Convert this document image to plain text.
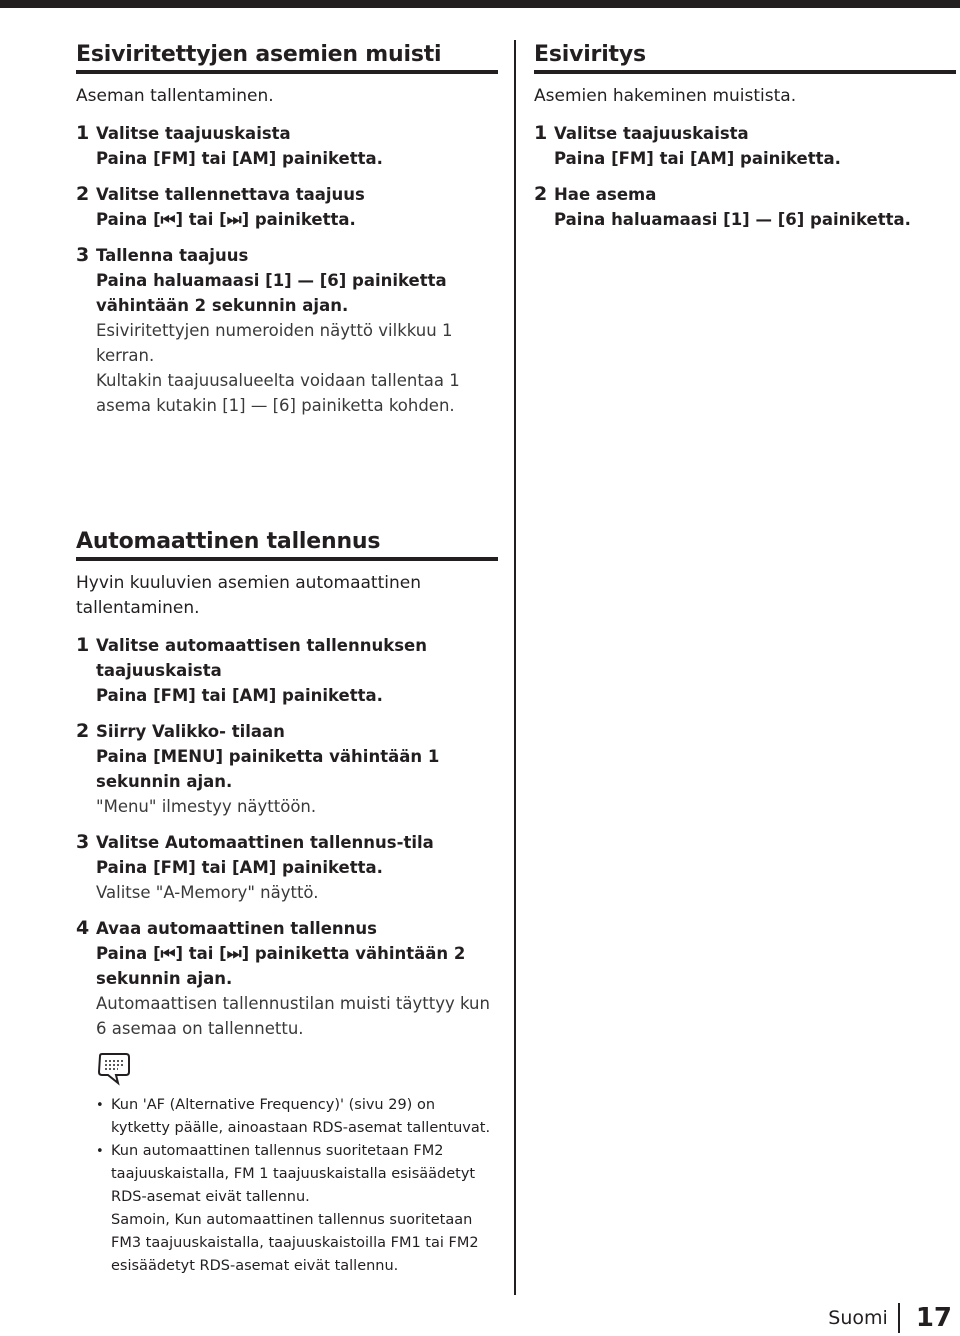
Esiviritettyjen asemien muisti
Aseman tallentaminen.
1 Valitse taajuuskaista
Paina [FM] tai [AM] painiketta.
2 Valitse tallennettava taajuus
Paina [⏮] tai [⏭] painiketta.
3 Tallenna taajuus
Paina haluamaasi [1] — [6] painiketta vähintään 2 sekunnin ajan.
Esiviritettyjen numeroiden näyttö vilkkuu 1 kerran.
Kultakin taajuusalueelta voidaan tallentaa 1 asema kutakin [1] — [6] painiketta kohden.
Esiviritys
Asemien hakeminen muistista.
1 Valitse taajuuskaista
Paina [FM] tai [AM] painiketta.
2 Hae asema
Paina haluamaasi [1] — [6] painiketta.
Automaattinen tallennus
Hyvin kuuluvien asemien automaattinen tallentaminen.
1 Valitse automaattisen tallennuksen taajuuskaista
Paina [FM] tai [AM] painiketta.
2 Siirry Valikko- tilaan
Paina [MENU] painiketta vähintään 1 sekunnin ajan.
"Menu" ilmestyy näyttöön.
3 Valitse Automaattinen tallennus-tila
Paina [FM] tai [AM] painiketta.
Valitse "A-Memory" näyttö.
4 Avaa automaattinen tallennus
Paina [⏮] tai [⏭] painiketta vähintään 2 sekunnin ajan.
Automaattisen tallennustilan muisti täyttyy kun 6 asemaa on tallennettu.
• Kun 'AF (Alternative Frequency)' (sivu 29) on kytketty päälle, ainoastaan RDS-asemat tallentuvat.
• Kun automaattinen tallennus suoritetaan FM2 taajuuskaistalla, FM 1 taajuuskaistalla esisäädetyt RDS-asemat eivät tallennu.
Samoin, Kun automaattinen tallennus suoritetaan FM3 taajuuskaistalla, taajuuskaistoilla FM1 tai FM2 esisäädetyt RDS-asemat eivät tallennu.
Suomi	17
